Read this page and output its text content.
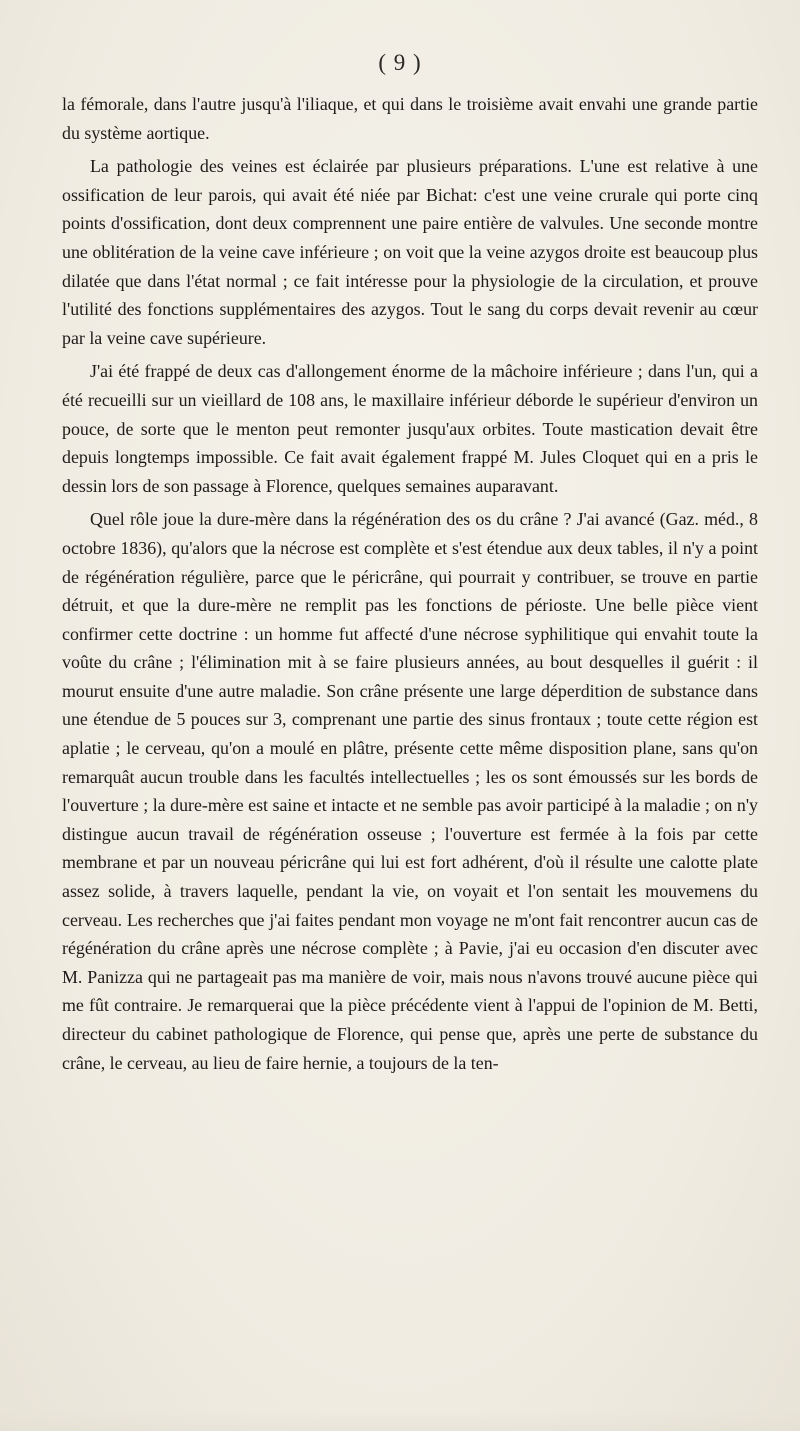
( 9 )

la fémorale, dans l'autre jusqu'à l'iliaque, et qui dans le troisième avait envahi une grande partie du système aortique.

La pathologie des veines est éclairée par plusieurs préparations. L'une est relative à une ossification de leur parois, qui avait été niée par Bichat: c'est une veine crurale qui porte cinq points d'ossification, dont deux comprennent une paire entière de valvules. Une seconde montre une oblitération de la veine cave inférieure ; on voit que la veine azygos droite est beaucoup plus dilatée que dans l'état normal ; ce fait intéresse pour la physiologie de la circulation, et prouve l'utilité des fonctions supplémentaires des azygos. Tout le sang du corps devait revenir au cœur par la veine cave supérieure.

J'ai été frappé de deux cas d'allongement énorme de la mâchoire inférieure ; dans l'un, qui a été recueilli sur un vieillard de 108 ans, le maxillaire inférieur déborde le supérieur d'environ un pouce, de sorte que le menton peut remonter jusqu'aux orbites. Toute mastication devait être depuis longtemps impossible. Ce fait avait également frappé M. Jules Cloquet qui en a pris le dessin lors de son passage à Florence, quelques semaines auparavant.

Quel rôle joue la dure-mère dans la régénération des os du crâne ? J'ai avancé (Gaz. méd., 8 octobre 1836), qu'alors que la nécrose est complète et s'est étendue aux deux tables, il n'y a point de régénération régulière, parce que le péricrâne, qui pourrait y contribuer, se trouve en partie détruit, et que la dure-mère ne remplit pas les fonctions de périoste. Une belle pièce vient confirmer cette doctrine : un homme fut affecté d'une nécrose syphilitique qui envahit toute la voûte du crâne ; l'élimination mit à se faire plusieurs années, au bout desquelles il guérit : il mourut ensuite d'une autre maladie. Son crâne présente une large déperdition de substance dans une étendue de 5 pouces sur 3, comprenant une partie des sinus frontaux ; toute cette région est aplatie ; le cerveau, qu'on a moulé en plâtre, présente cette même disposition plane, sans qu'on remarquât aucun trouble dans les facultés intellectuelles ; les os sont émoussés sur les bords de l'ouverture ; la dure-mère est saine et intacte et ne semble pas avoir participé à la maladie ; on n'y distingue aucun travail de régénération osseuse ; l'ouverture est fermée à la fois par cette membrane et par un nouveau péricrâne qui lui est fort adhérent, d'où il résulte une calotte plate assez solide, à travers laquelle, pendant la vie, on voyait et l'on sentait les mouvemens du cerveau. Les recherches que j'ai faites pendant mon voyage ne m'ont fait rencontrer aucun cas de régénération du crâne après une nécrose complète ; à Pavie, j'ai eu occasion d'en discuter avec M. Panizza qui ne partageait pas ma manière de voir, mais nous n'avons trouvé aucune pièce qui me fût contraire. Je remarquerai que la pièce précédente vient à l'appui de l'opinion de M. Betti, directeur du cabinet pathologique de Florence, qui pense que, après une perte de substance du crâne, le cerveau, au lieu de faire hernie, a toujours de la ten-
